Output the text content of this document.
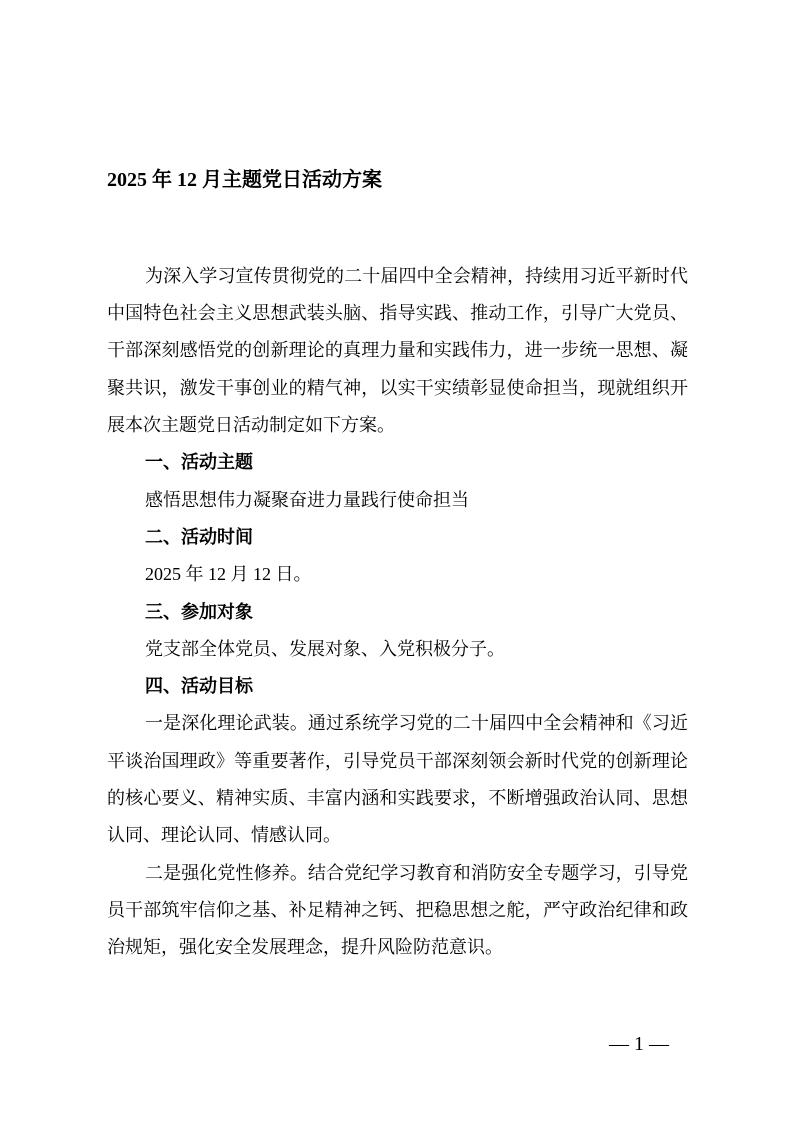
2025 年 12 月主题党日活动方案
为深入学习宣传贯彻党的二十届四中全会精神，持续用习近平新时代
中国特色社会主义思想武装头脑、指导实践、推动工作，引导广大党员、
干部深刻感悟党的创新理论的真理力量和实践伟力，进一步统一思想、凝
聚共识，激发干事创业的精气神，以实干实绩彰显使命担当，现就组织开
展本次主题党日活动制定如下方案。
一、活动主题
感悟思想伟力凝聚奋进力量践行使命担当
二、活动时间
2025 年 12 月 12 日。
三、参加对象
党支部全体党员、发展对象、入党积极分子。
四、活动目标
一是深化理论武装。通过系统学习党的二十届四中全会精神和《习近
平谈治国理政》等重要著作，引导党员干部深刻领会新时代党的创新理论
的核心要义、精神实质、丰富内涵和实践要求，不断增强政治认同、思想
认同、理论认同、情感认同。
二是强化党性修养。结合党纪学习教育和消防安全专题学习，引导党
员干部筑牢信仰之基、补足精神之钙、把稳思想之舵，严守政治纪律和政
治规矩，强化安全发展理念，提升风险防范意识。
— 1 —
